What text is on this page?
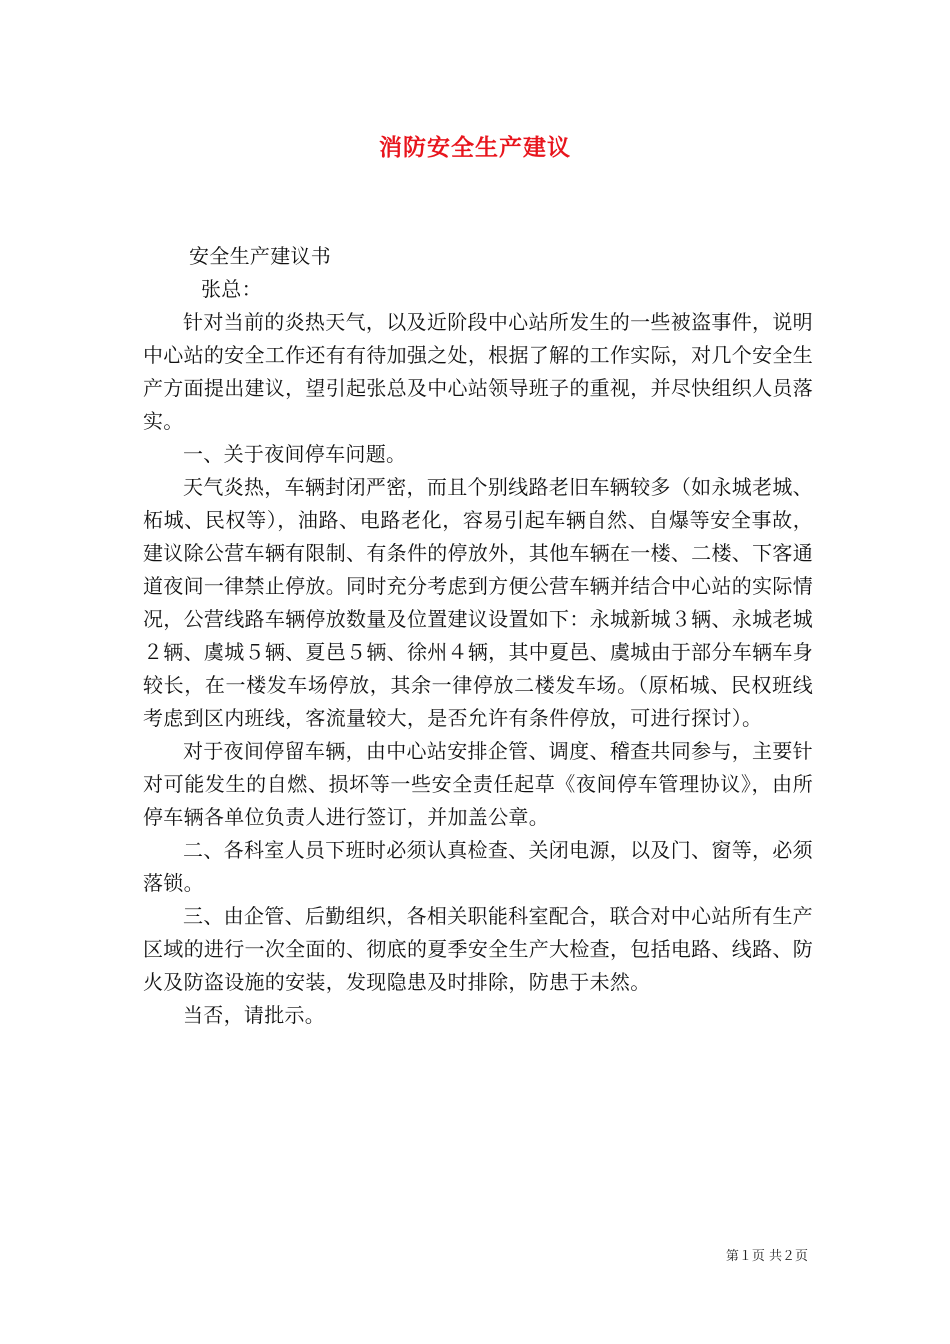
消防安全生产建议

安全生产建议书

张总：

针对当前的炎热天气，以及近阶段中心站所发生的一些被盗事件，说明中心站的安全工作还有有待加强之处，根据了解的工作实际，对几个安全生产方面提出建议，望引起张总及中心站领导班子的重视，并尽快组织人员落实。

一、关于夜间停车问题。

天气炎热，车辆封闭严密，而且个别线路老旧车辆较多（如永城老城、柘城、民权等），油路、电路老化，容易引起车辆自然、自爆等安全事故，建议除公营车辆有限制、有条件的停放外，其他车辆在一楼、二楼、下客通道夜间一律禁止停放。同时充分考虑到方便公营车辆并结合中心站的实际情况，公营线路车辆停放数量及位置建议设置如下：永城新城３辆、永城老城２辆、虞城５辆、夏邑５辆、徐州４辆，其中夏邑、虞城由于部分车辆车身较长，在一楼发车场停放，其余一律停放二楼发车场。（原柘城、民权班线考虑到区内班线，客流量较大，是否允许有条件停放，可进行探讨）。

对于夜间停留车辆，由中心站安排企管、调度、稽查共同参与，主要针对可能发生的自燃、损坏等一些安全责任起草《夜间停车管理协议》，由所停车辆各单位负责人进行签订，并加盖公章。

二、各科室人员下班时必须认真检查、关闭电源，以及门、窗等，必须落锁。

三、由企管、后勤组织，各相关职能科室配合，联合对中心站所有生产区域的进行一次全面的、彻底的夏季安全生产大检查，包括电路、线路、防火及防盗设施的安装，发现隐患及时排除，防患于未然。

当否，请批示。

第１页 共２页
